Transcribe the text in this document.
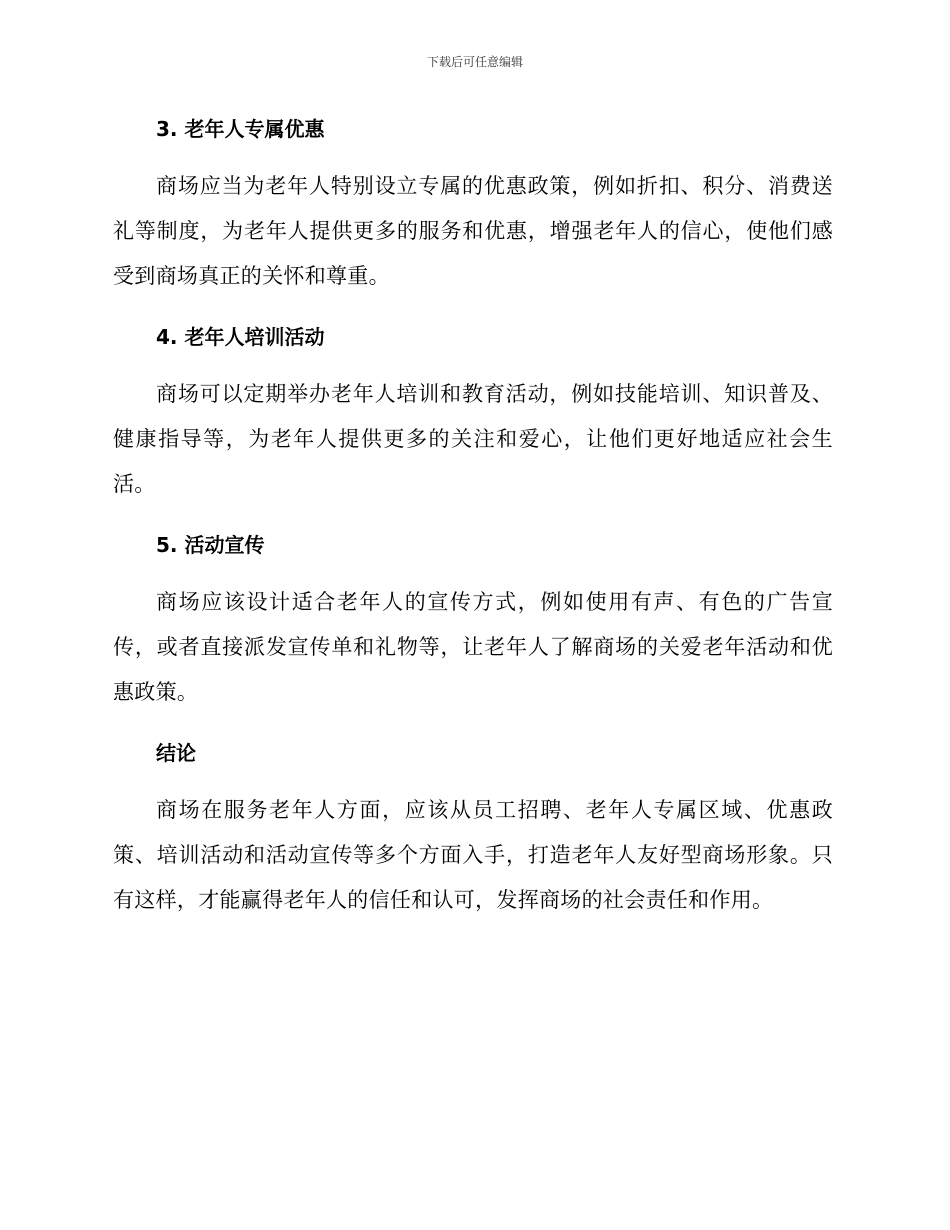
下载后可任意编辑
3. 老年人专属优惠

商场应当为老年人特别设立专属的优惠政策，例如折扣、积分、消费送礼等制度，为老年人提供更多的服务和优惠，增强老年人的信心，使他们感受到商场真正的关怀和尊重。

4. 老年人培训活动

商场可以定期举办老年人培训和教育活动，例如技能培训、知识普及、健康指导等，为老年人提供更多的关注和爱心，让他们更好地适应社会生活。

5. 活动宣传

商场应该设计适合老年人的宣传方式，例如使用有声、有色的广告宣传，或者直接派发宣传单和礼物等，让老年人了解商场的关爱老年活动和优惠政策。

结论

商场在服务老年人方面，应该从员工招聘、老年人专属区域、优惠政策、培训活动和活动宣传等多个方面入手，打造老年人友好型商场形象。只有这样，才能赢得老年人的信任和认可，发挥商场的社会责任和作用。
